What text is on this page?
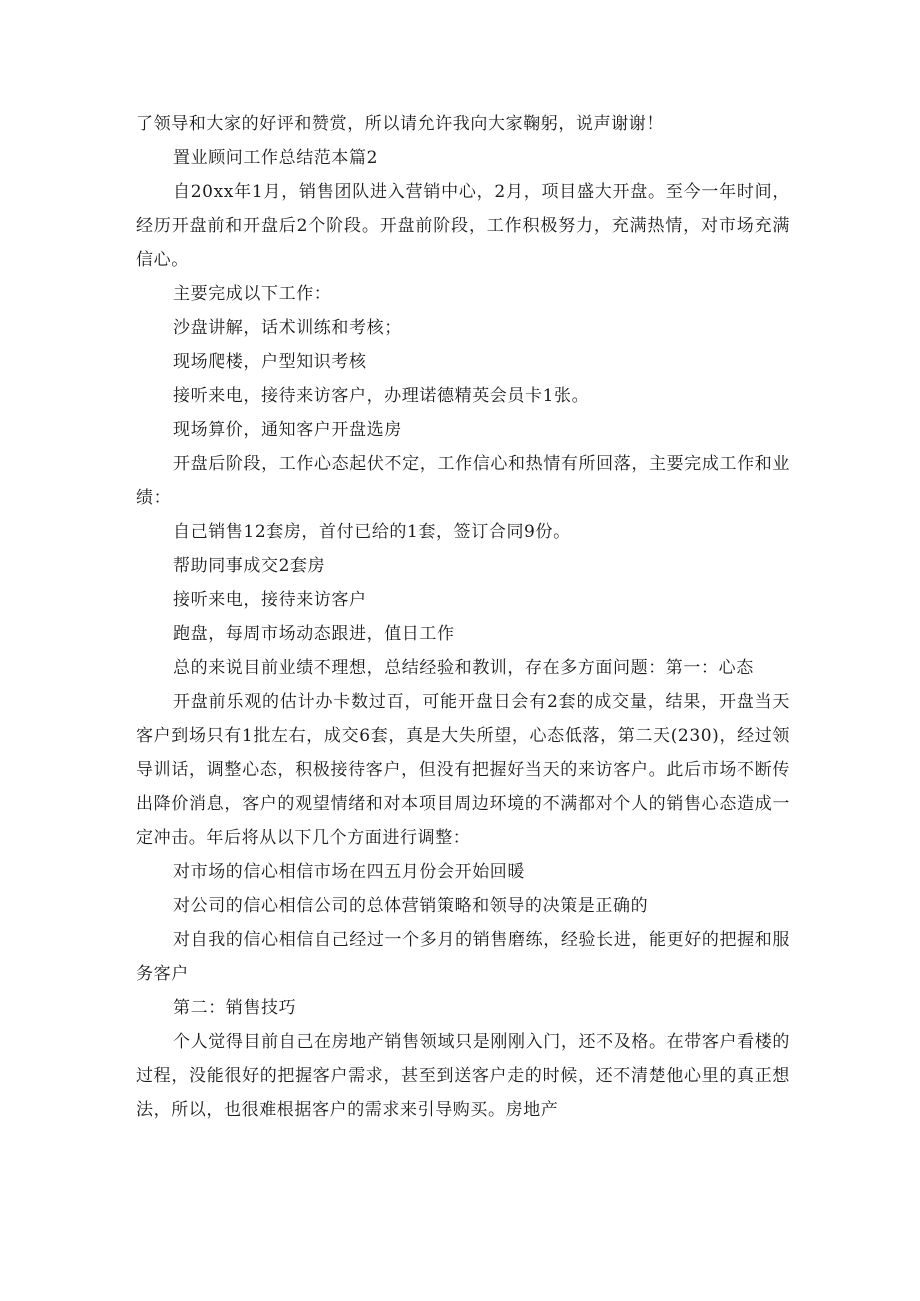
了领导和大家的好评和赞赏，所以请允许我向大家鞠躬，说声谢谢！

置业顾问工作总结范本篇2

自20xx年1月，销售团队进入营销中心，2月，项目盛大开盘。至今一年时间，经历开盘前和开盘后2个阶段。开盘前阶段，工作积极努力，充满热情，对市场充满信心。

主要完成以下工作：

沙盘讲解，话术训练和考核；

现场爬楼，户型知识考核

接听来电，接待来访客户，办理诺德精英会员卡1张。

现场算价，通知客户开盘选房

开盘后阶段，工作心态起伏不定，工作信心和热情有所回落，主要完成工作和业绩：

自己销售12套房，首付已给的1套，签订合同9份。

帮助同事成交2套房

接听来电，接待来访客户

跑盘，每周市场动态跟进，值日工作

总的来说目前业绩不理想，总结经验和教训，存在多方面问题：第一：心态

开盘前乐观的估计办卡数过百，可能开盘日会有2套的成交量，结果，开盘当天客户到场只有1批左右，成交6套，真是大失所望，心态低落，第二天(230)，经过领导训话，调整心态，积极接待客户，但没有把握好当天的来访客户。此后市场不断传出降价消息，客户的观望情绪和对本项目周边环境的不满都对个人的销售心态造成一定冲击。年后将从以下几个方面进行调整：

对市场的信心相信市场在四五月份会开始回暖

对公司的信心相信公司的总体营销策略和领导的决策是正确的

对自我的信心相信自己经过一个多月的销售磨练，经验长进，能更好的把握和服务客户

第二：销售技巧

个人觉得目前自己在房地产销售领域只是刚刚入门，还不及格。在带客户看楼的过程，没能很好的把握客户需求，甚至到送客户走的时候，还不清楚他心里的真正想法，所以，也很难根据客户的需求来引导购买。房地产
